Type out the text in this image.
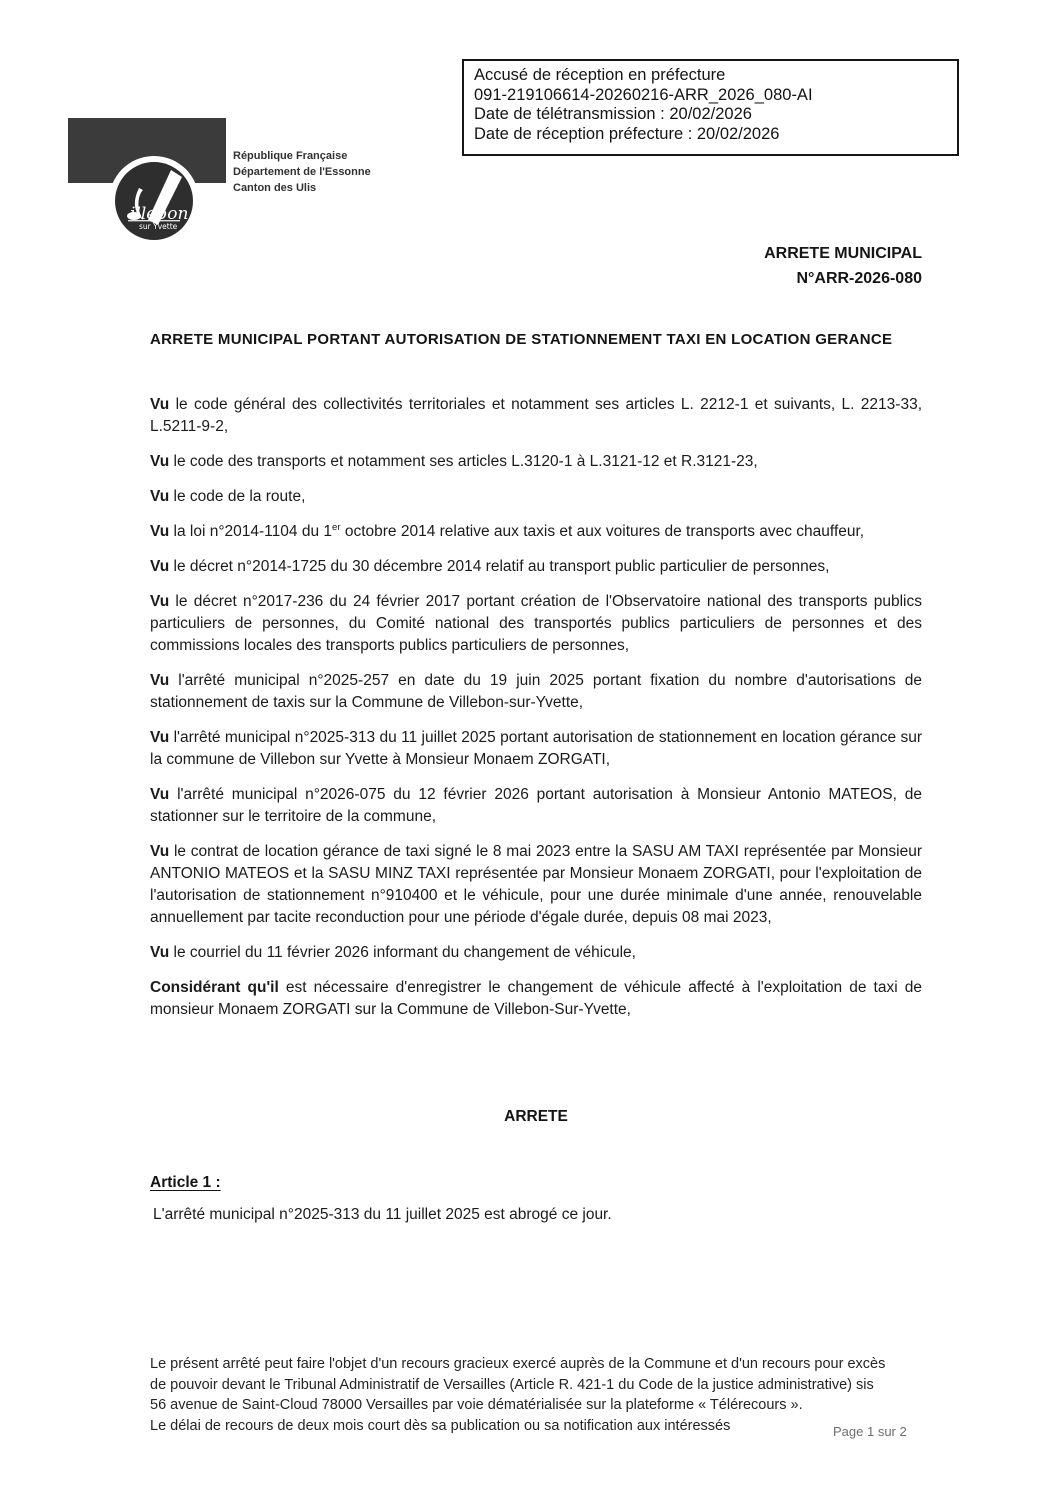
Accusé de réception en préfecture
091-219106614-20260216-ARR_2026_080-AI
Date de télétransmission : 20/02/2026
Date de réception préfecture : 20/02/2026
illebon
sur Yvette
République Française
Département de l'Essonne
Canton des Ulis
ARRETE MUNICIPAL
N°ARR-2026-080
ARRETE MUNICIPAL PORTANT AUTORISATION DE STATIONNEMENT TAXI EN LOCATION GERANCE
Vu le code général des collectivités territoriales et notamment ses articles L. 2212-1 et suivants, L. 2213-33, L.5211-9-2,
Vu le code des transports et notamment ses articles L.3120-1 à L.3121-12 et R.3121-23,
Vu le code de la route,
Vu la loi n°2014-1104 du 1er octobre 2014 relative aux taxis et aux voitures de transports avec chauffeur,
Vu le décret n°2014-1725 du 30 décembre 2014 relatif au transport public particulier de personnes,
Vu le décret n°2017-236 du 24 février 2017 portant création de l'Observatoire national des transports publics particuliers de personnes, du Comité national des transportés publics particuliers de personnes et des commissions locales des transports publics particuliers de personnes,
Vu l'arrêté municipal n°2025-257 en date du 19 juin 2025 portant fixation du nombre d'autorisations de stationnement de taxis sur la Commune de Villebon-sur-Yvette,
Vu l'arrêté municipal n°2025-313 du 11 juillet 2025 portant autorisation de stationnement en location gérance sur la commune de Villebon sur Yvette à Monsieur Monaem ZORGATI,
Vu l'arrêté municipal n°2026-075 du 12 février 2026 portant autorisation à Monsieur Antonio MATEOS, de stationner sur le territoire de la commune,
Vu le contrat de location gérance de taxi signé le 8 mai 2023 entre la SASU AM TAXI représentée par Monsieur ANTONIO MATEOS et la SASU MINZ TAXI représentée par Monsieur Monaem ZORGATI, pour l'exploitation de l'autorisation de stationnement n°910400 et le véhicule, pour une durée minimale d'une année, renouvelable annuellement par tacite reconduction pour une période d'égale durée, depuis 08 mai 2023,
Vu le courriel du 11 février 2026 informant du changement de véhicule,
Considérant qu'il est nécessaire d'enregistrer le changement de véhicule affecté à l'exploitation de taxi de monsieur Monaem ZORGATI sur la Commune de Villebon-Sur-Yvette,
ARRETE
Article 1 :
L'arrêté municipal n°2025-313 du 11 juillet 2025 est abrogé ce jour.
Le présent arrêté peut faire l'objet d'un recours gracieux exercé auprès de la Commune et d'un recours pour excès
de pouvoir devant le Tribunal Administratif de Versailles (Article R. 421-1 du Code de la justice administrative) sis
56 avenue de Saint-Cloud 78000 Versailles par voie dématérialisée sur la plateforme « Télérecours ».
Le délai de recours de deux mois court dès sa publication ou sa notification aux intéressés	Page 1 sur 2
